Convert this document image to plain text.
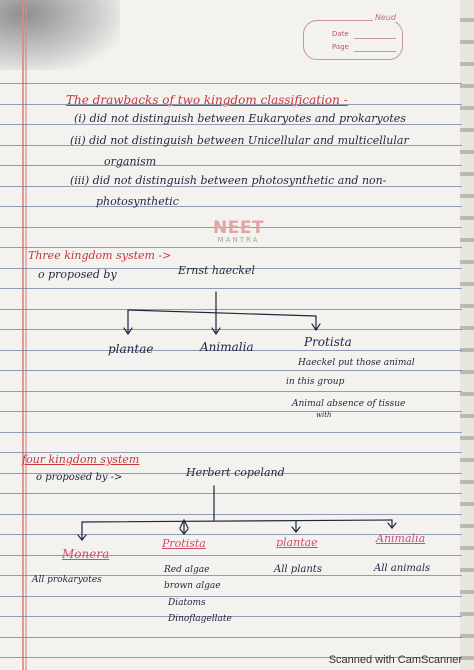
Neud
Date
Page
The drawbacks of two kingdom classification -
(i) did not distinguish between Eukaryotes and prokaryotes
(ii) did not distinguish between Unicellular and multicellular
organism
(iii) did not distinguish between photosynthetic and non-
photosynthetic
NEET
MANTRA
Three kingdom system ->
o proposed by	Ernst haeckel
plantae	Animalia	Protista
Haeckel put those animal
in this group
Animal absence of tissue
with
four kingdom system
o proposed by ->	Herbert copeland
Monera
Protista	plantae	Animalia
All prokaryotes
Red algae
brown algae
Diatoms
Dinoflagellate
All plants	All animals
Scanned with CamScanner
